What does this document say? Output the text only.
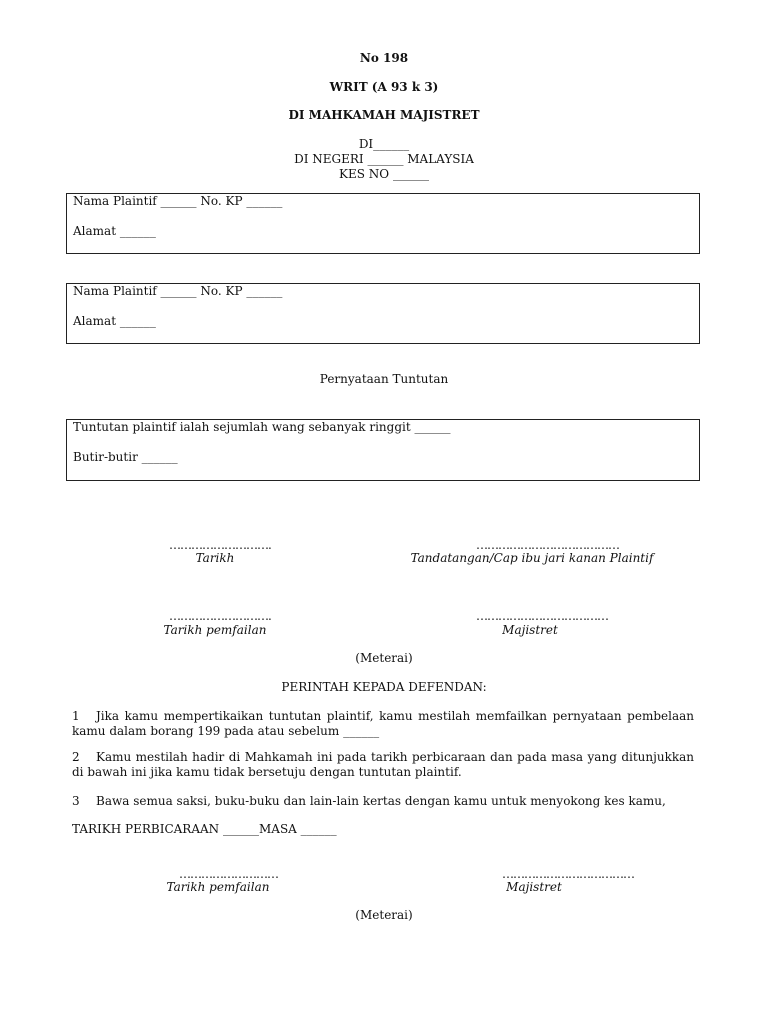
No 198
WRIT (A 93 k 3)
DI MAHKAMAH MAJISTRET
DI______
DI NEGERI ______ MALAYSIA
KES NO ______
Nama Plaintif ______ No. KP ______
Alamat ______
Nama Plaintif ______ No. KP ______
Alamat ______
Pernyataan Tuntutan
Tuntutan plaintif ialah sejumlah wang sebanyak ringgit ______
Butir-butir ______
……………………….
Tarikh
…………………………………
Tandatangan/Cap ibu jari kanan Plaintif
……………………….
Tarikh pemfailan
………………………………
Majistret
(Meterai)
PERINTAH KEPADA DEFENDAN:
1 Jika kamu mempertikaikan tuntutan plaintif, kamu mestilah memfailkan pernyataan pembelaan kamu dalam borang 199 pada atau sebelum ______
2 Kamu mestilah hadir di Mahkamah ini pada tarikh perbicaraan dan pada masa yang ditunjukkan di bawah ini jika kamu tidak bersetuju dengan tuntutan plaintif.
3 Bawa semua saksi, buku-buku dan lain-lain kertas dengan kamu untuk menyokong kes kamu,
TARIKH PERBICARAAN ______MASA ______
………………………
Tarikh pemfailan
………………………………
Majistret
(Meterai)
